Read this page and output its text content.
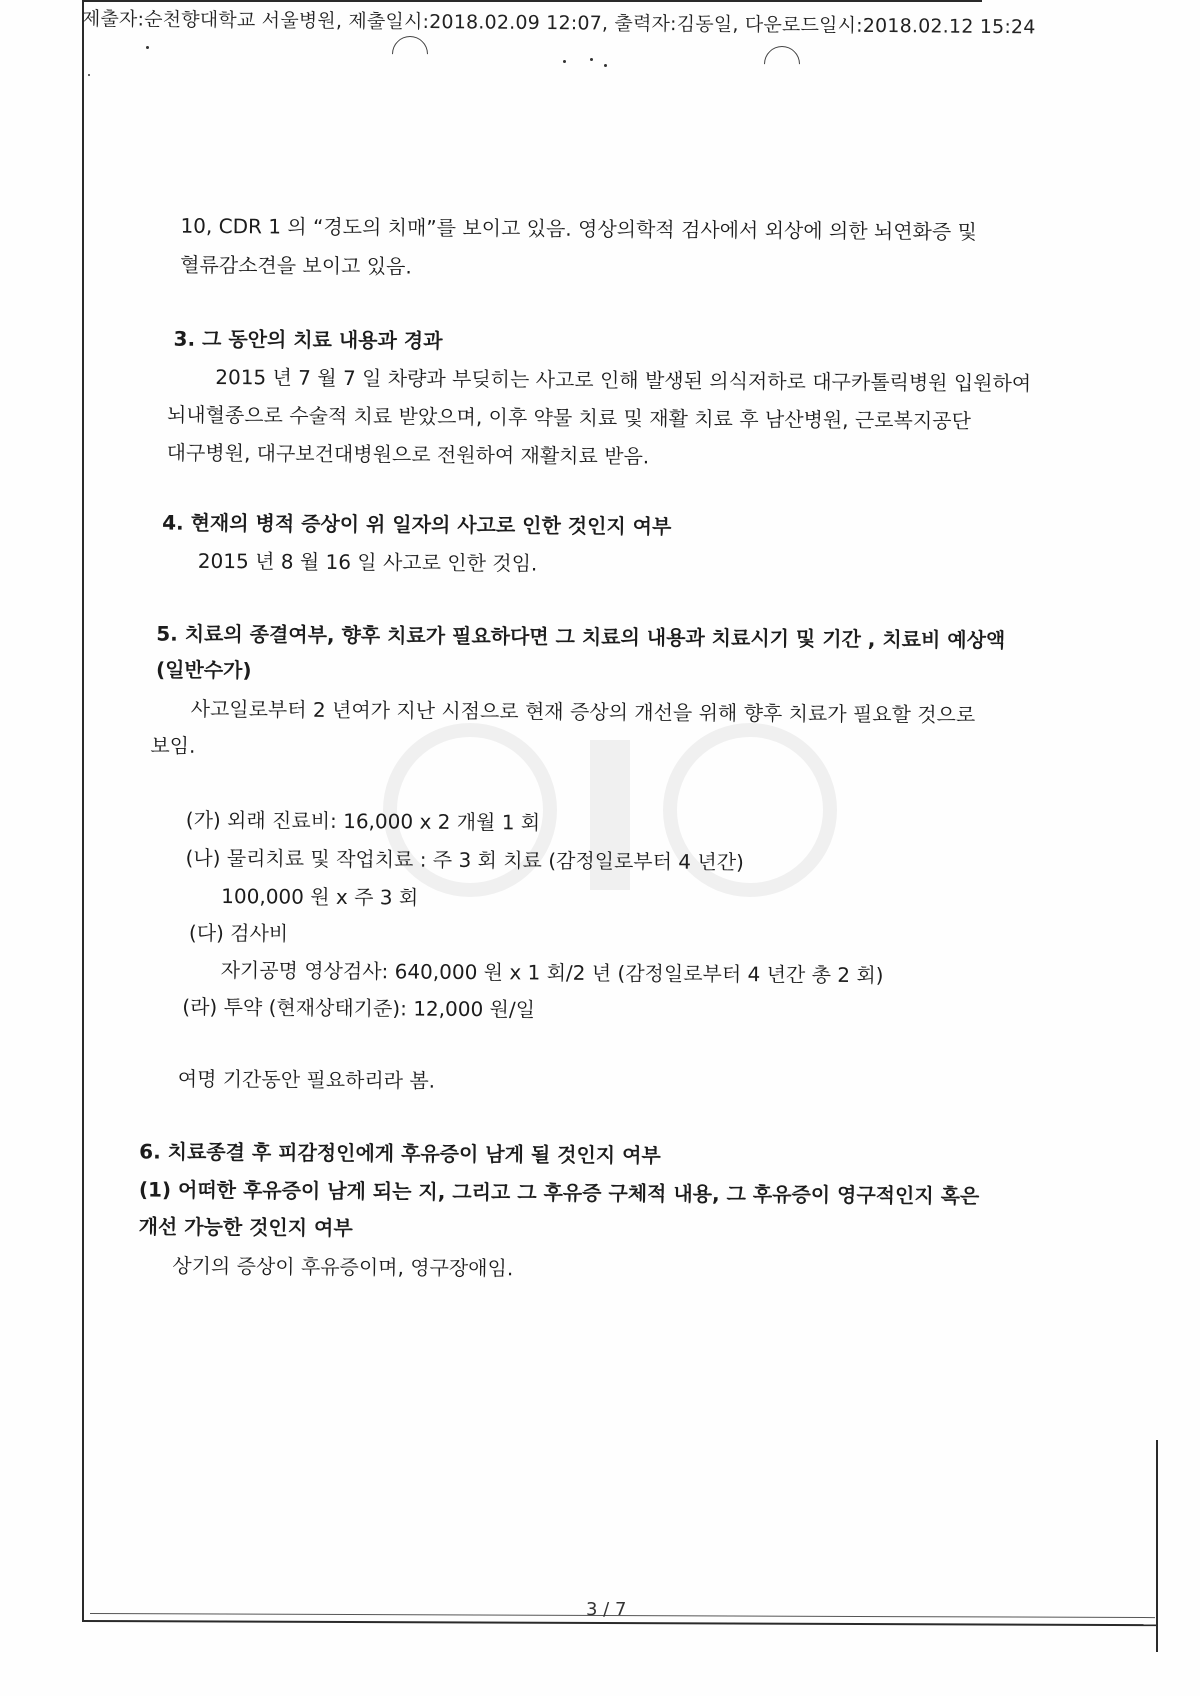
제출자:순천향대학교 서울병원, 제출일시:2018.02.09 12:07, 출력자:김동일, 다운로드일시:2018.02.12 15:24
10, CDR 1 의 “경도의 치매”를 보이고 있음. 영상의학적 검사에서 외상에 의한 뇌연화증 및
혈류감소견을 보이고 있음.
3. 그 동안의 치료 내용과 경과
2015 년 7 월 7 일 차량과 부딪히는 사고로 인해 발생된 의식저하로 대구카톨릭병원 입원하여
뇌내혈종으로 수술적 치료 받았으며, 이후 약물 치료 및 재활 치료 후 남산병원, 근로복지공단
대구병원, 대구보건대병원으로 전원하여 재활치료 받음.
4. 현재의 병적 증상이 위 일자의 사고로 인한 것인지 여부
2015 년 8 월 16 일 사고로 인한 것임.
5. 치료의 종결여부, 향후 치료가 필요하다면 그 치료의 내용과 치료시기 및 기간 , 치료비 예상액
(일반수가)
사고일로부터 2 년여가 지난 시점으로 현재 증상의 개선을 위해 향후 치료가 필요할 것으로
보임.
(가) 외래 진료비: 16,000 x 2 개월 1 회
(나) 물리치료 및 작업치료 : 주 3 회 치료 (감정일로부터 4 년간)
100,000 원 x 주 3 회
(다) 검사비
자기공명 영상검사: 640,000 원 x 1 회/2 년 (감정일로부터 4 년간 총 2 회)
(라) 투약 (현재상태기준): 12,000 원/일
여명 기간동안 필요하리라 봄.
6. 치료종결 후 피감정인에게 후유증이 남게 될 것인지 여부
(1) 어떠한 후유증이 남게 되는 지, 그리고 그 후유증 구체적 내용, 그 후유증이 영구적인지 혹은
개선 가능한 것인지 여부
상기의 증상이 후유증이며, 영구장애임.
3 / 7
